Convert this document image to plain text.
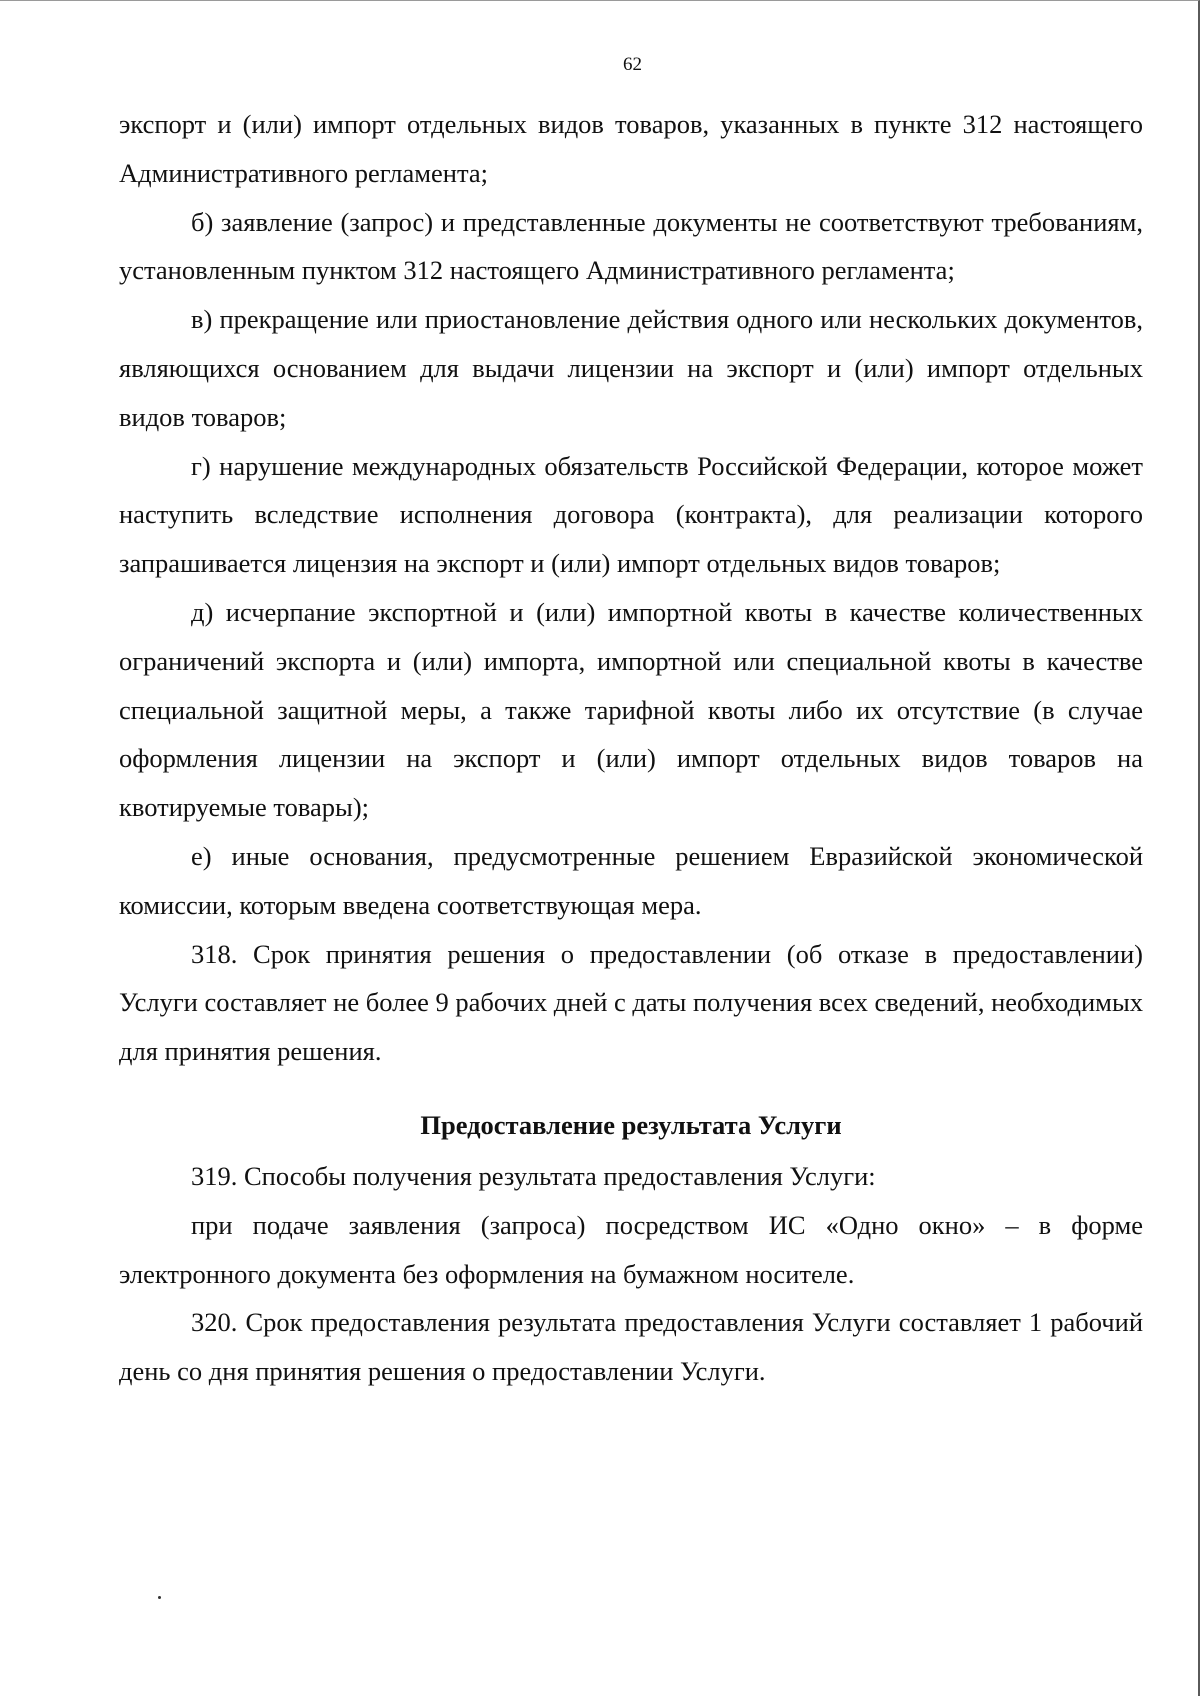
62

экспорт и (или) импорт отдельных видов товаров, указанных в пункте 312 настоящего Административного регламента;

б) заявление (запрос) и представленные документы не соответствуют требованиям, установленным пунктом 312 настоящего Административного регламента;

в) прекращение или приостановление действия одного или нескольких документов, являющихся основанием для выдачи лицензии на экспорт и (или) импорт отдельных видов товаров;

г) нарушение международных обязательств Российской Федерации, которое может наступить вследствие исполнения договора (контракта), для реализации которого запрашивается лицензия на экспорт и (или) импорт отдельных видов товаров;

д) исчерпание экспортной и (или) импортной квоты в качестве количественных ограничений экспорта и (или) импорта, импортной или специальной квоты в качестве специальной защитной меры, а также тарифной квоты либо их отсутствие (в случае оформления лицензии на экспорт и (или) импорт отдельных видов товаров на квотируемые товары);

е) иные основания, предусмотренные решением Евразийской экономической комиссии, которым введена соответствующая мера.

318. Срок принятия решения о предоставлении (об отказе в предоставлении) Услуги составляет не более 9 рабочих дней с даты получения всех сведений, необходимых для принятия решения.

Предоставление результата Услуги

319. Способы получения результата предоставления Услуги:

при подаче заявления (запроса) посредством ИС «Одно окно» – в форме электронного документа без оформления на бумажном носителе.

320. Срок предоставления результата предоставления Услуги составляет 1 рабочий день со дня принятия решения о предоставлении Услуги.
